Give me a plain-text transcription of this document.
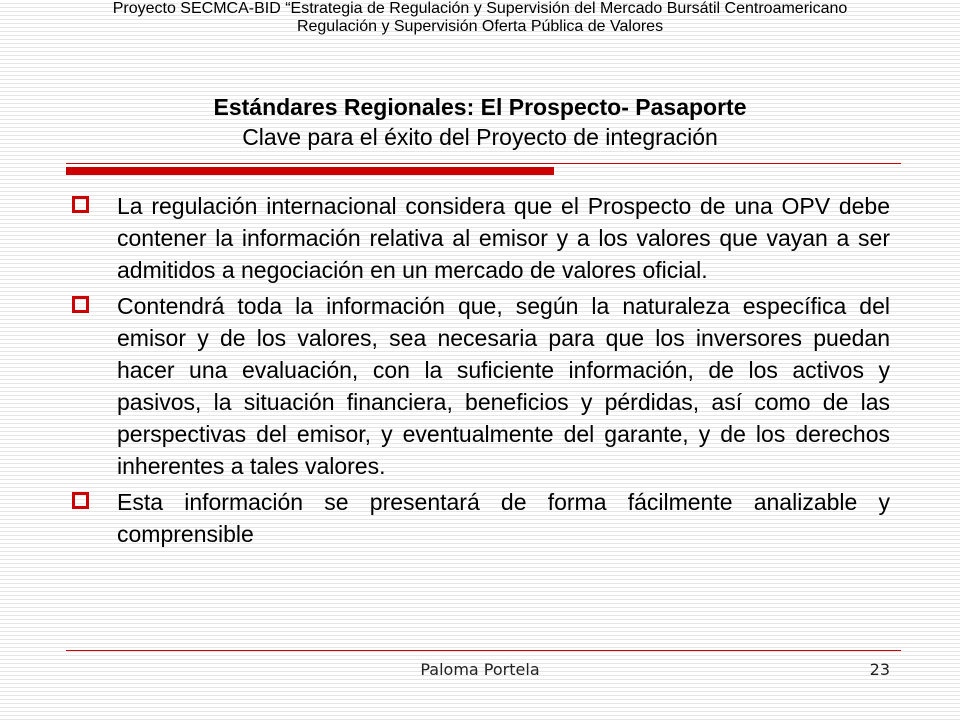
Proyecto SECMCA-BID “Estrategia de Regulación y Supervisión del Mercado Bursátil Centroamericano
Regulación y Supervisión Oferta Pública de Valores
Estándares Regionales: El Prospecto- Pasaporte
Clave para el éxito del Proyecto de integración
La regulación internacional considera que el Prospecto de una OPV debe contener la información relativa al emisor y a los valores que vayan a ser admitidos a negociación en un mercado de valores oficial.
Contendrá toda la información que, según la naturaleza específica del emisor y de los valores, sea necesaria para que los inversores puedan hacer una evaluación, con la suficiente información, de los activos y pasivos, la situación financiera, beneficios y pérdidas, así como de las perspectivas del emisor, y eventualmente del garante, y de los derechos inherentes a tales valores.
Esta información se presentará de forma fácilmente analizable y comprensible
Paloma Portela	23
